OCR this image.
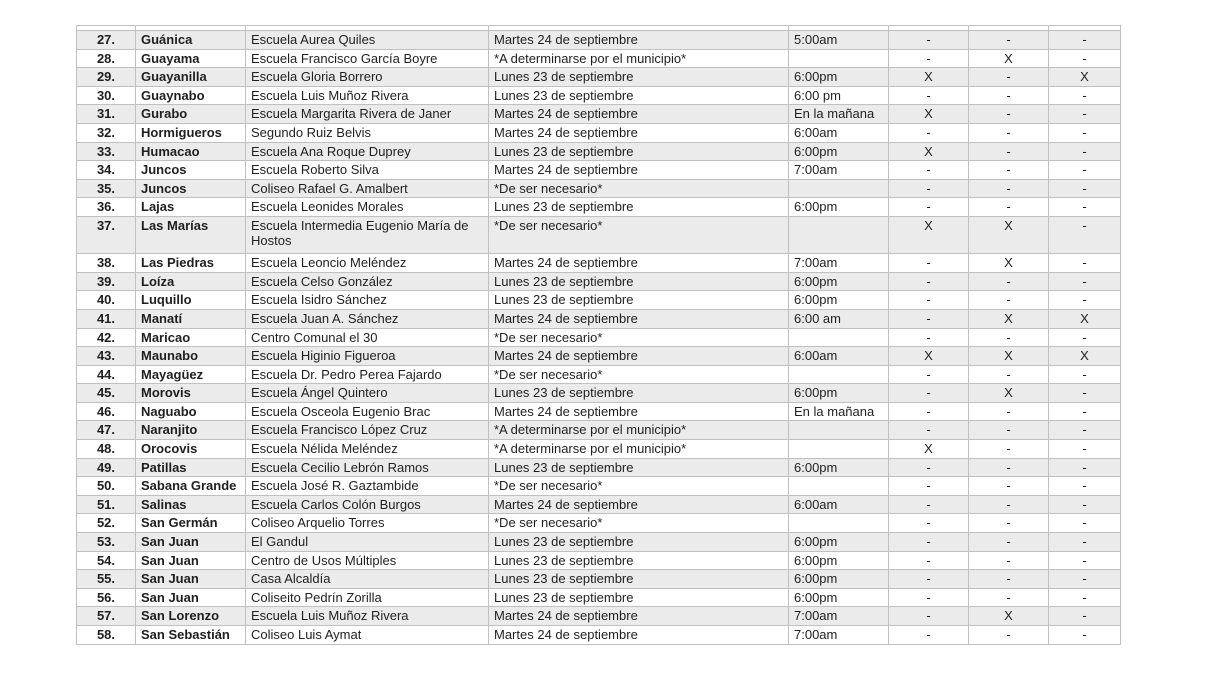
27.	Guánica	Escuela Aurea Quiles	Martes 24 de septiembre	5:00am	-	-	-
28.	Guayama	Escuela Francisco García Boyre	*A determinarse por el municipio*		-	X	-
29.	Guayanilla	Escuela Gloria Borrero	Lunes 23 de septiembre	6:00pm	X	-	X
30.	Guaynabo	Escuela Luis Muñoz Rivera	Lunes 23 de septiembre	6:00 pm	-	-	-
31.	Gurabo	Escuela Margarita Rivera de Janer	Martes 24 de septiembre	En la mañana	X	-	-
32.	Hormigueros	Segundo Ruiz Belvis	Martes 24 de septiembre	6:00am	-	-	-
33.	Humacao	Escuela Ana Roque Duprey	Lunes 23 de septiembre	6:00pm	X	-	-
34.	Juncos	Escuela Roberto Silva	Martes 24 de septiembre	7:00am	-	-	-
35.	Juncos	Coliseo Rafael G. Amalbert	*De ser necesario*		-	-	-
36.	Lajas	Escuela Leonides Morales	Lunes 23 de septiembre	6:00pm	-	-	-
37.	Las Marías	Escuela Intermedia Eugenio María de Hostos	*De ser necesario*		X	X	-
38.	Las Piedras	Escuela Leoncio Meléndez	Martes 24 de septiembre	7:00am	-	X	-
39.	Loíza	Escuela Celso González	Lunes 23 de septiembre	6:00pm	-	-	-
40.	Luquillo	Escuela Isidro Sánchez	Lunes 23 de septiembre	6:00pm	-	-	-
41.	Manatí	Escuela Juan A. Sánchez	Martes 24 de septiembre	6:00 am	-	X	X
42.	Maricao	Centro Comunal el 30	*De ser necesario*		-	-	-
43.	Maunabo	Escuela Higinio Figueroa	Martes 24 de septiembre	6:00am	X	X	X
44.	Mayagüez	Escuela Dr. Pedro Perea Fajardo	*De ser necesario*		-	-	-
45.	Morovis	Escuela Ángel Quintero	Lunes 23 de septiembre	6:00pm	-	X	-
46.	Naguabo	Escuela Osceola Eugenio Brac	Martes 24 de septiembre	En la mañana	-	-	-
47.	Naranjito	Escuela Francisco López Cruz	*A determinarse por el municipio*		-	-	-
48.	Orocovis	Escuela Nélida Meléndez	*A determinarse por el municipio*		X	-	-
49.	Patillas	Escuela Cecilio Lebrón Ramos	Lunes 23 de septiembre	6:00pm	-	-	-
50.	Sabana Grande	Escuela José R. Gaztambide	*De ser necesario*		-	-	-
51.	Salinas	Escuela Carlos Colón Burgos	Martes 24 de septiembre	6:00am	-	-	-
52.	San Germán	Coliseo Arquelio Torres	*De ser necesario*		-	-	-
53.	San Juan	El Gandul	Lunes 23 de septiembre	6:00pm	-	-	-
54.	San Juan	Centro de Usos Múltiples	Lunes 23 de septiembre	6:00pm	-	-	-
55.	San Juan	Casa Alcaldía	Lunes 23 de septiembre	6:00pm	-	-	-
56.	San Juan	Coliseito Pedrín Zorilla	Lunes 23 de septiembre	6:00pm	-	-	-
57.	San Lorenzo	Escuela Luis Muñoz Rivera	Martes 24 de septiembre	7:00am	-	X	-
58.	San Sebastián	Coliseo Luis Aymat	Martes 24 de septiembre	7:00am	-	-	-
